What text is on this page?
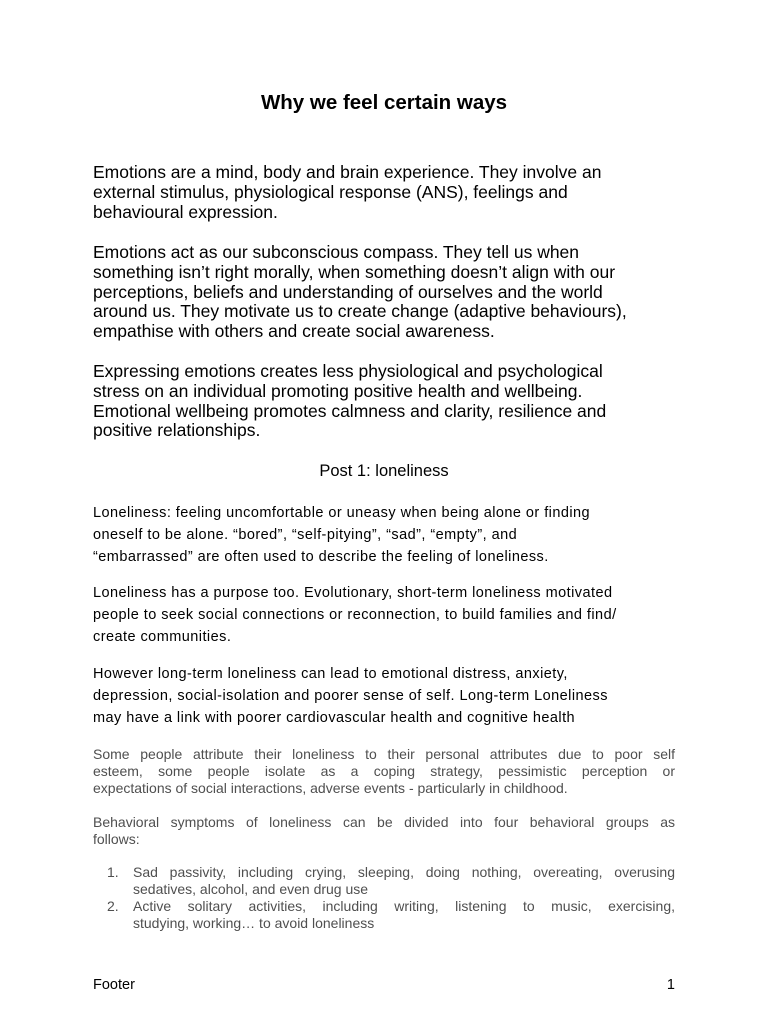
Why we feel certain ways
Emotions are a mind, body and brain experience. They involve an
external stimulus, physiological response (ANS), feelings and
behavioural expression.
Emotions act as our subconscious compass. They tell us when
something isn’t right morally, when something doesn’t align with our
perceptions, beliefs and understanding of ourselves and the world
around us. They motivate us to create change (adaptive behaviours),
empathise with others and create social awareness.
Expressing emotions creates less physiological and psychological
stress on an individual promoting positive health and wellbeing.
Emotional wellbeing promotes calmness and clarity, resilience and
positive relationships.
Post 1: loneliness
Loneliness: feeling uncomfortable or uneasy when being alone or finding
oneself to be alone. “bored”, “self-pitying”, “sad”, “empty”, and
“embarrassed” are often used to describe the feeling of loneliness.
Loneliness has a purpose too. Evolutionary, short-term loneliness motivated
people to seek social connections or reconnection, to build families and find/
create communities.
However long-term loneliness can lead to emotional distress, anxiety,
depression, social-isolation and poorer sense of self. Long-term Loneliness
may have a link with poorer cardiovascular health and cognitive health
Some people attribute their loneliness to their personal attributes due to poor self
esteem, some people isolate as a coping strategy, pessimistic perception or
expectations of social interactions, adverse events - particularly in childhood.
Behavioral symptoms of loneliness can be divided into four behavioral groups as
follows:
1. Sad passivity, including crying, sleeping, doing nothing, overeating, overusing
sedatives, alcohol, and even drug use
2. Active solitary activities, including writing, listening to music, exercising,
studying, working… to avoid loneliness
Footer	1
